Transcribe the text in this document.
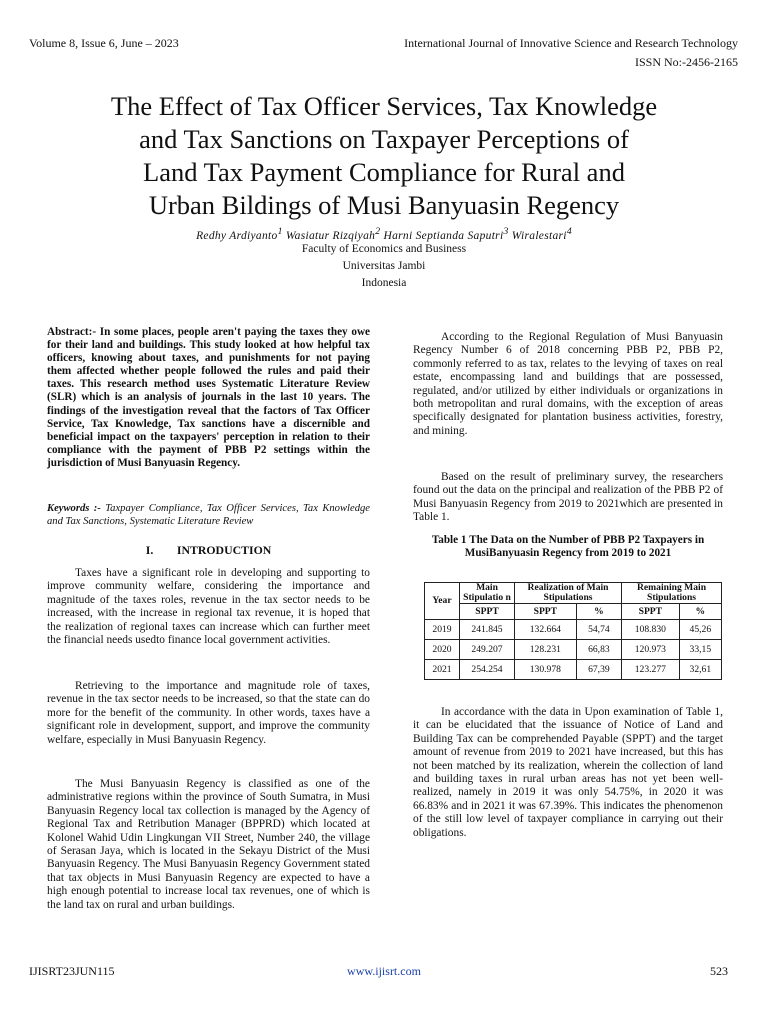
Volume 8, Issue 6, June – 2023	International Journal of Innovative Science and Research Technology
ISSN No:-2456-2165
The Effect of Tax Officer Services, Tax Knowledge
and Tax Sanctions on Taxpayer Perceptions of
Land Tax Payment Compliance for Rural and
Urban Bildings of Musi Banyuasin Regency
Redhy Ardiyanto$^1$ Wasiatur Rizqiyah$^2$ Harni Septianda Saputri$^3$ Wiralestari$^4$
Faculty of Economics and Business
Universitas Jambi
Indonesia
Abstract:- In some places, people aren't paying the taxes they owe for their land and buildings. This study looked at how helpful tax officers, knowing about taxes, and punishments for not paying them affected whether people followed the rules and paid their taxes. This research method uses Systematic Literature Review (SLR) which is an analysis of journals in the last 10 years. The findings of the investigation reveal that the factors of Tax Officer Service, Tax Knowledge, Tax sanctions have a discernible and beneficial impact on the taxpayers' perception in relation to their compliance with the payment of PBB P2 settings within the jurisdiction of Musi Banyuasin Regency.
Keywords :- Taxpayer Compliance, Tax Officer Services, Tax Knowledge and Tax Sanctions, Systematic Literature Review
I. INTRODUCTION
Taxes have a significant role in developing and supporting to improve community welfare, considering the importance and magnitude of the taxes roles, revenue in the tax sector needs to be increased, with the increase in regional tax revenue, it is hoped that the realization of regional taxes can increase which can further meet the financial needs usedto finance local government activities.
Retrieving to the importance and magnitude role of taxes, revenue in the tax sector needs to be increased, so that the state can do more for the benefit of the community. In other words, taxes have a significant role in development, support, and improve the community welfare, especially in Musi Banyuasin Regency.
The Musi Banyuasin Regency is classified as one of the administrative regions within the province of South Sumatra, in Musi Banyuasin Regency local tax collection is managed by the Agency of Regional Tax and Retribution Manager (BPPRD) which located at Kolonel Wahid Udin Lingkungan VII Street, Number 240, the village of Serasan Jaya, which is located in the Sekayu District of the Musi Banyuasin Regency. The Musi Banyuasin Regency Government stated that tax objects in Musi Banyuasin Regency are expected to have a high enough potential to increase local tax revenues, one of which is the land tax on rural and urban buildings.
According to the Regional Regulation of Musi Banyuasin Regency Number 6 of 2018 concerning PBB P2, PBB P2, commonly referred to as tax, relates to the levying of taxes on real estate, encompassing land and buildings that are possessed, regulated, and/or utilized by either individuals or organizations in both metropolitan and rural domains, with the exception of areas specifically designated for plantation business activities, forestry, and mining.
Based on the result of preliminary survey, the researchers found out the data on the principal and realization of the PBB P2 of Musi Banyuasin Regency from 2019 to 2021which are presented in Table 1.
Table 1 The Data on the Number of PBB P2 Taxpayers in MusiBanyuasin Regency from 2019 to 2021
Year	Main Stipulatio n	Realization of Main Stipulations		Remaining Main Stipulations	
	SPPT	SPPT	%	SPPT	%
2019	241.845	132.664	54,74	108.830	45,26
2020	249.207	128.231	66,83	120.973	33,15
2021	254.254	130.978	67,39	123.277	32,61
In accordance with the data in Upon examination of Table 1, it can be elucidated that the issuance of Notice of Land and Building Tax can be comprehended Payable (SPPT) and the target amount of revenue from 2019 to 2021 have increased, but this has not been matched by its realization, wherein the collection of land and building taxes in rural urban areas has not yet been well-realized, namely in 2019 it was only 54.75%, in 2020 it was 66.83% and in 2021 it was 67.39%. This indicates the phenomenon of the still low level of taxpayer compliance in carrying out their obligations.
IJISRT23JUN115	www.ijisrt.com	523
